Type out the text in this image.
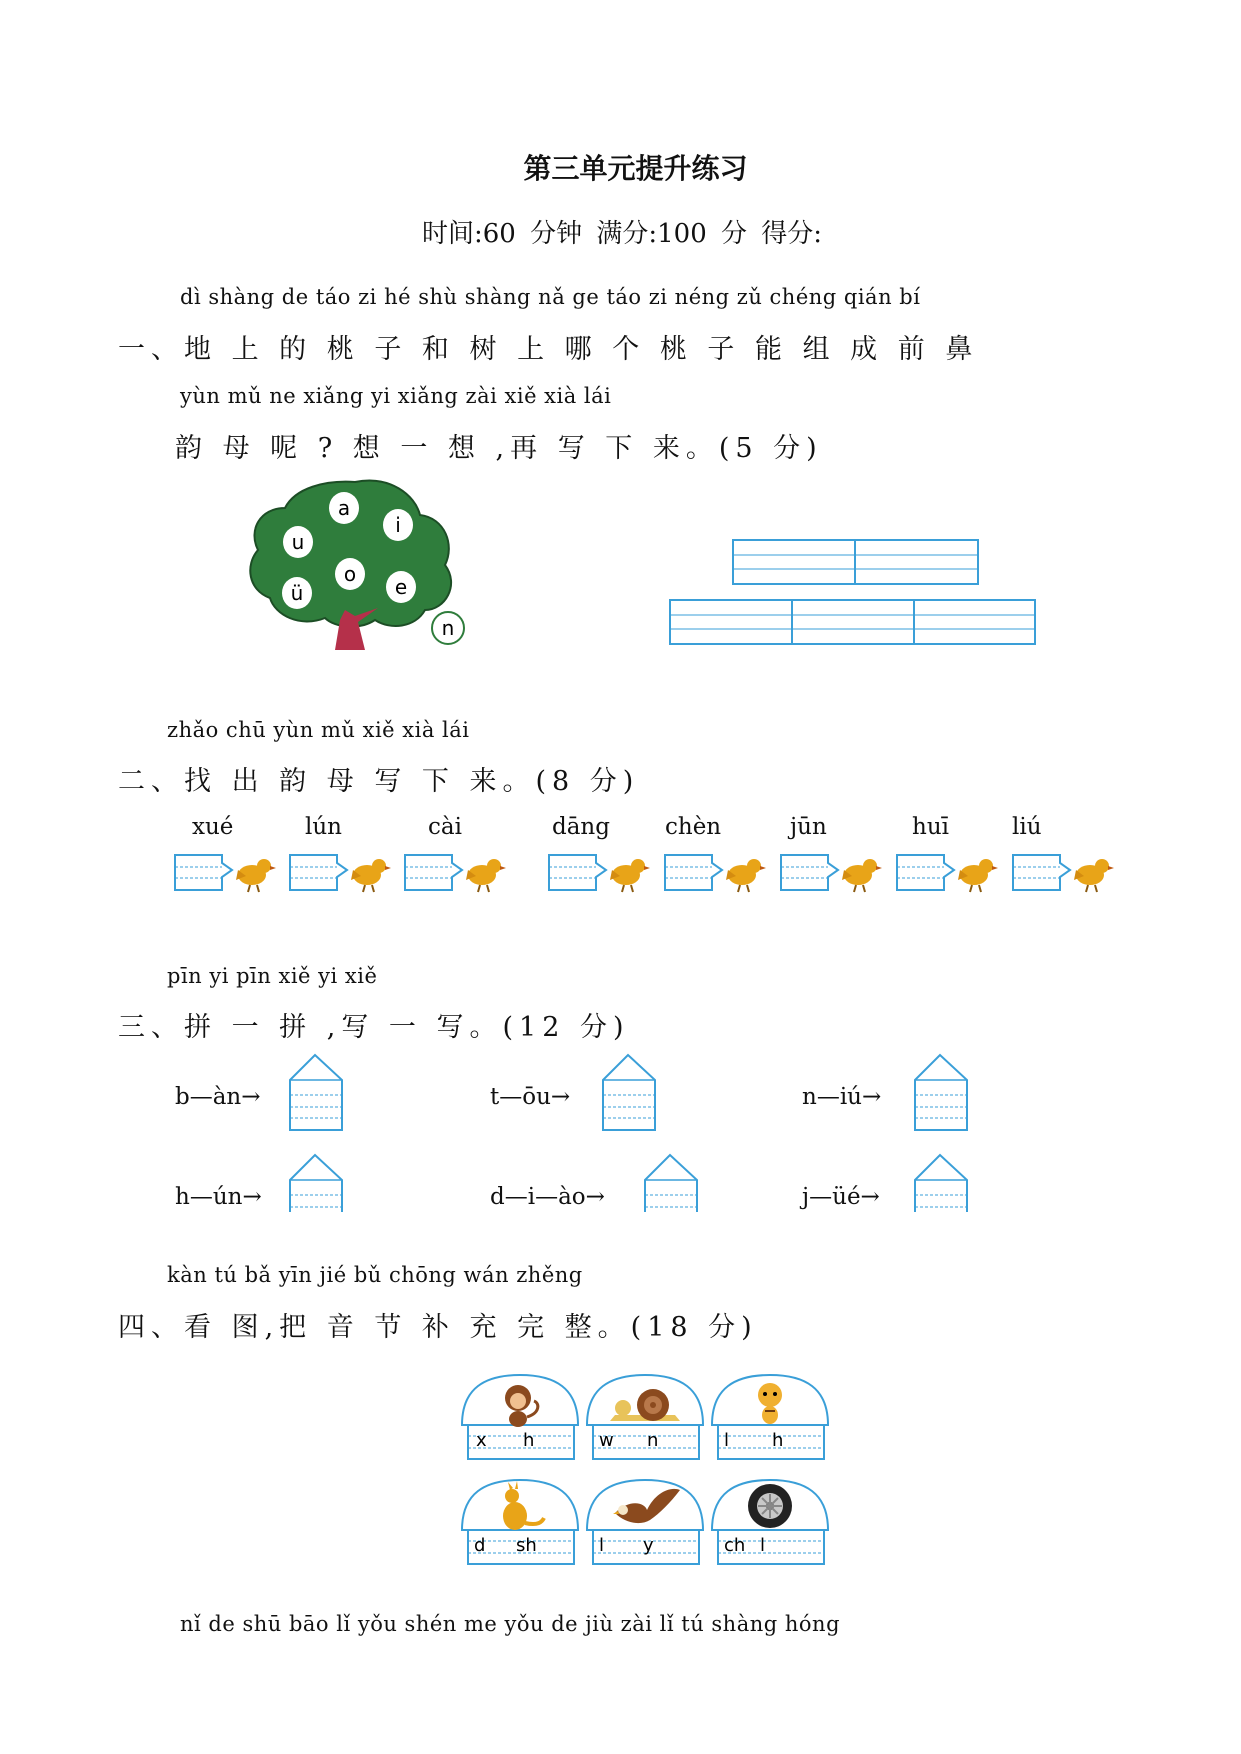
第三单元提升练习
时间:60 分钟 满分:100 分 得分:
dì shàng de táo zi hé shù shàng nǎ ge táo zi néng zǔ chéng qián bí
一、地 上 的 桃 子 和 树 上 哪 个 桃 子 能 组 成 前 鼻
yùn mǔ ne xiǎng yi xiǎng zài xiě xià lái
韵 母 呢 ? 想 一 想 ,再 写 下 来。(5 分)
a
u
i
o
ü	e
n
zhǎo chū yùn mǔ xiě xià lái
二、找 出 韵 母 写 下 来。(8 分)
xué	lún	cài	dāng chèn	jūn	huī	liú
pīn yi pīn xiě yi xiě
三、拼 一 拼 ,写 一 写。(12 分)
b—àn→	t—ōu→	n—iú→
h—ún→	d—i—ào→	j—üé→
kàn tú bǎ yīn jié bǔ chōng wán zhěng
四、看 图,把 音 节 补 充 完 整。(18 分)
x h	w n	l h
d sh	l y	ch l
nǐ de shū bāo lǐ yǒu shén me yǒu de jiù zài lǐ tú shàng hóng
